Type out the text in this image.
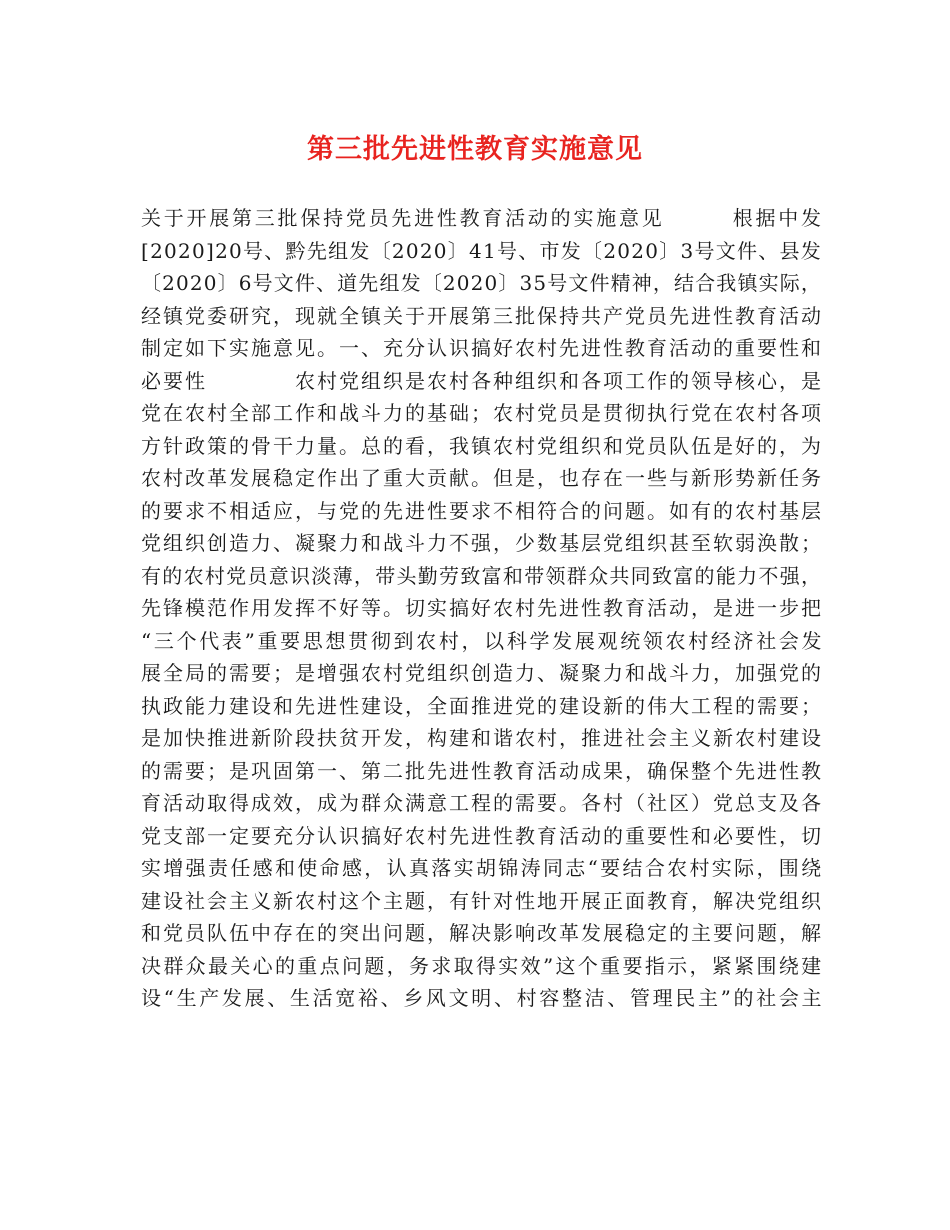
第三批先进性教育实施意见
关于开展第三批保持党员先进性教育活动的实施意见　　　根据中发
[2020]20号、黔先组发〔2020〕41号、市发〔2020〕3号文件、县发
〔2020〕6号文件、道先组发〔2020〕35号文件精神，结合我镇实际，
经镇党委研究，现就全镇关于开展第三批保持共产党员先进性教育活动
制定如下实施意见。一、充分认识搞好农村先进性教育活动的重要性和
必要性　　　　农村党组织是农村各种组织和各项工作的领导核心，是
党在农村全部工作和战斗力的基础；农村党员是贯彻执行党在农村各项
方针政策的骨干力量。总的看，我镇农村党组织和党员队伍是好的，为
农村改革发展稳定作出了重大贡献。但是，也存在一些与新形势新任务
的要求不相适应，与党的先进性要求不相符合的问题。如有的农村基层
党组织创造力、凝聚力和战斗力不强，少数基层党组织甚至软弱涣散；
有的农村党员意识淡薄，带头勤劳致富和带领群众共同致富的能力不强，
先锋模范作用发挥不好等。切实搞好农村先进性教育活动，是进一步把
“三个代表”重要思想贯彻到农村，以科学发展观统领农村经济社会发
展全局的需要；是增强农村党组织创造力、凝聚力和战斗力，加强党的
执政能力建设和先进性建设，全面推进党的建设新的伟大工程的需要；
是加快推进新阶段扶贫开发，构建和谐农村，推进社会主义新农村建设
的需要；是巩固第一、第二批先进性教育活动成果，确保整个先进性教
育活动取得成效，成为群众满意工程的需要。各村（社区）党总支及各
党支部一定要充分认识搞好农村先进性教育活动的重要性和必要性，切
实增强责任感和使命感，认真落实胡锦涛同志“要结合农村实际，围绕
建设社会主义新农村这个主题，有针对性地开展正面教育，解决党组织
和党员队伍中存在的突出问题，解决影响改革发展稳定的主要问题，解
决群众最关心的重点问题，务求取得实效”这个重要指示，紧紧围绕建
设“生产发展、生活宽裕、乡风文明、村容整洁、管理民主”的社会主
